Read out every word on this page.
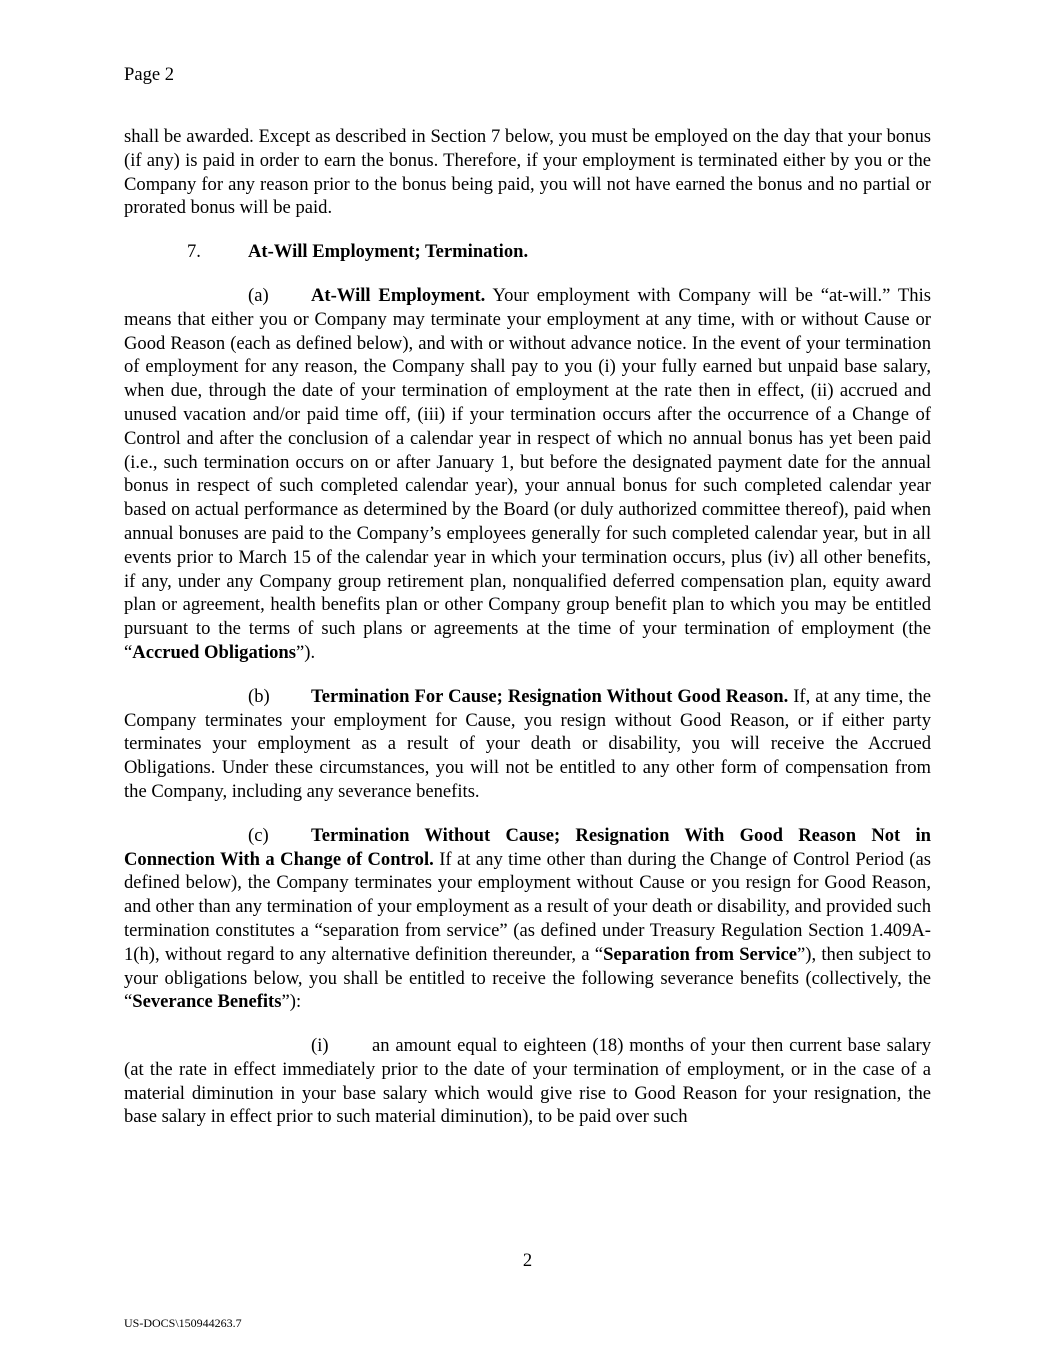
Page 2

shall be awarded. Except as described in Section 7 below, you must be employed on the day that your bonus (if any) is paid in order to earn the bonus. Therefore, if your employment is terminated either by you or the Company for any reason prior to the bonus being paid, you will not have earned the bonus and no partial or prorated bonus will be paid.

7.	At-Will Employment; Termination.

(a) At-Will Employment. Your employment with Company will be “at-will.” This means that either you or Company may terminate your employment at any time, with or without Cause or Good Reason (each as defined below), and with or without advance notice. In the event of your termination of employment for any reason, the Company shall pay to you (i) your fully earned but unpaid base salary, when due, through the date of your termination of employment at the rate then in effect, (ii) accrued and unused vacation and/or paid time off, (iii) if your termination occurs after the occurrence of a Change of Control and after the conclusion of a calendar year in respect of which no annual bonus has yet been paid (i.e., such termination occurs on or after January 1, but before the designated payment date for the annual bonus in respect of such completed calendar year), your annual bonus for such completed calendar year based on actual performance as determined by the Board (or duly authorized committee thereof), paid when annual bonuses are paid to the Company’s employees generally for such completed calendar year, but in all events prior to March 15 of the calendar year in which your termination occurs, plus (iv) all other benefits, if any, under any Company group retirement plan, nonqualified deferred compensation plan, equity award plan or agreement, health benefits plan or other Company group benefit plan to which you may be entitled pursuant to the terms of such plans or agreements at the time of your termination of employment (the “Accrued Obligations”).

(b) Termination For Cause; Resignation Without Good Reason. If, at any time, the Company terminates your employment for Cause, you resign without Good Reason, or if either party terminates your employment as a result of your death or disability, you will receive the Accrued Obligations. Under these circumstances, you will not be entitled to any other form of compensation from the Company, including any severance benefits.

(c) Termination Without Cause; Resignation With Good Reason Not in Connection With a Change of Control. If at any time other than during the Change of Control Period (as defined below), the Company terminates your employment without Cause or you resign for Good Reason, and other than any termination of your employment as a result of your death or disability, and provided such termination constitutes a “separation from service” (as defined under Treasury Regulation Section 1.409A-1(h), without regard to any alternative definition thereunder, a “Separation from Service”), then subject to your obligations below, you shall be entitled to receive the following severance benefits (collectively, the “Severance Benefits”):

(i) an amount equal to eighteen (18) months of your then current base salary (at the rate in effect immediately prior to the date of your termination of employment, or in the case of a material diminution in your base salary which would give rise to Good Reason for your resignation, the base salary in effect prior to such material diminution), to be paid over such

2
US-DOCS\150944263.7
